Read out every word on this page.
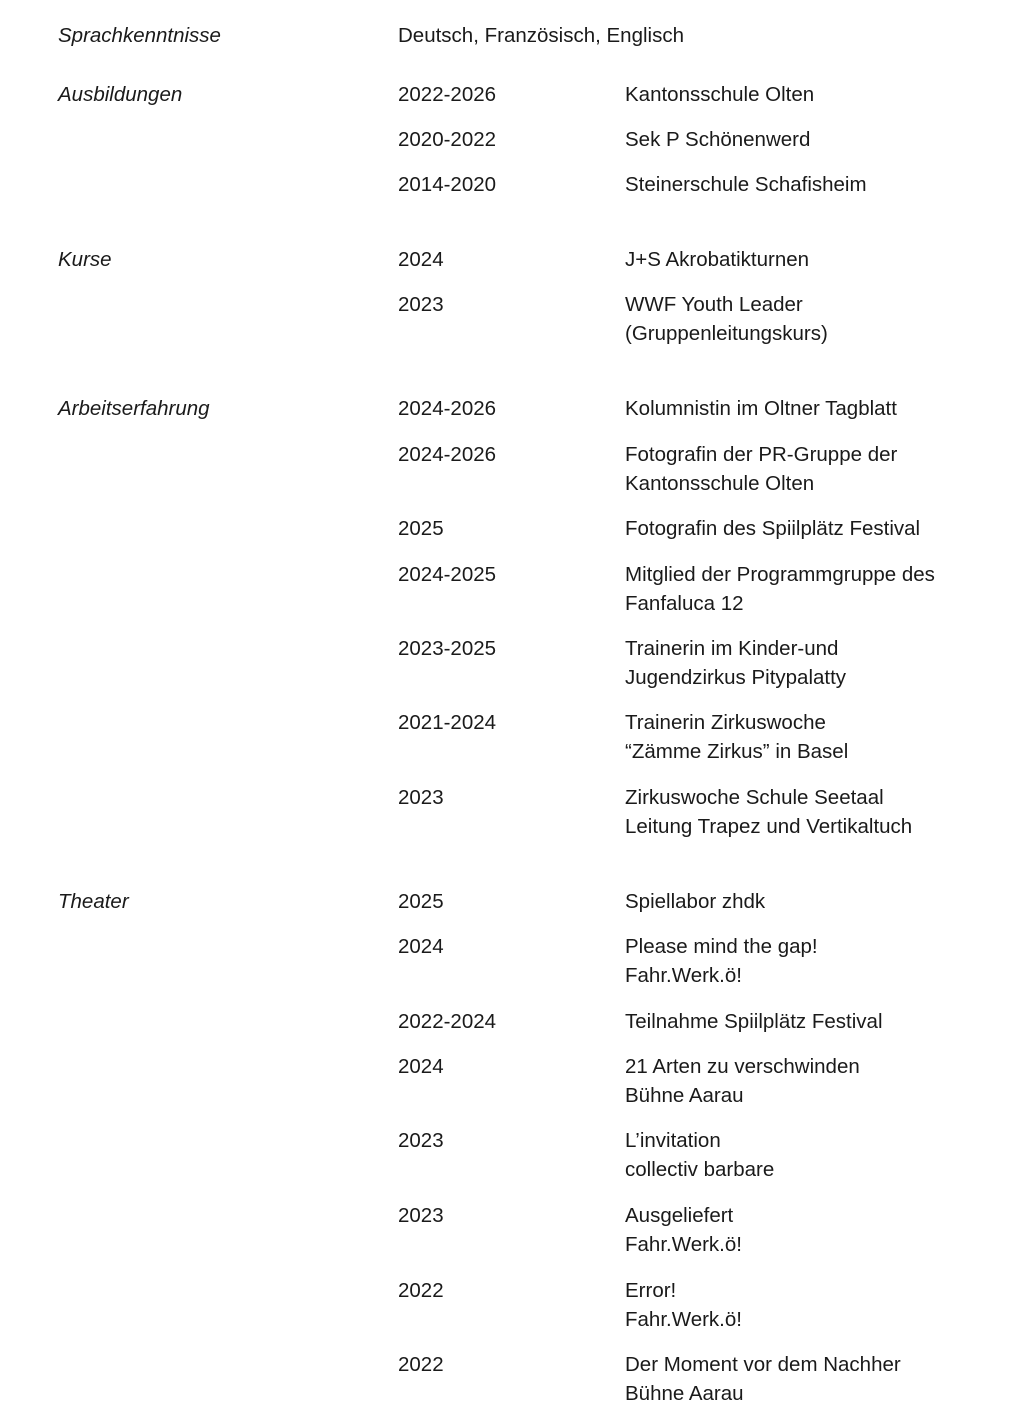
Sprachkenntnisse	Deutsch, Französisch, Englisch
Ausbildungen	2022-2026	Kantonsschule Olten
2020-2022	Sek P Schönenwerd
2014-2020	Steinerschule Schafisheim
Kurse	2024	J+S Akrobatikturnen
2023	WWF Youth Leader
(Gruppenleitungskurs)
Arbeitserfahrung	2024-2026	Kolumnistin im Oltner Tagblatt
2024-2026	Fotografin der PR-Gruppe der
Kantonsschule Olten
2025	Fotografin des Spiilplätz Festival
2024-2025	Mitglied der Programmgruppe des
Fanfaluca 12
2023-2025	Trainerin im Kinder-und
Jugendzirkus Pitypalatty
2021-2024	Trainerin Zirkuswoche
“Zämme Zirkus” in Basel
2023	Zirkuswoche Schule Seetaal
Leitung Trapez und Vertikaltuch
Theater	2025	Spiellabor zhdk
2024	Please mind the gap!
Fahr.Werk.ö!
2022-2024	Teilnahme Spiilplätz Festival
2024	21 Arten zu verschwinden
Bühne Aarau
2023	L’invitation
collectiv barbare
2023	Ausgeliefert
Fahr.Werk.ö!
2022	Error!
Fahr.Werk.ö!
2022	Der Moment vor dem Nachher
Bühne Aarau
